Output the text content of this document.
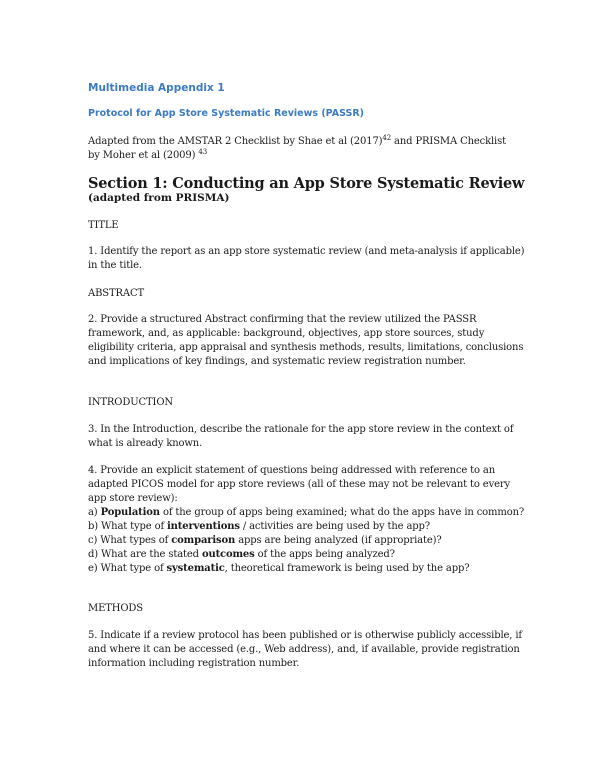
Multimedia Appendix 1

Protocol for App Store Systematic Reviews (PASSR)

Adapted from the AMSTAR 2 Checklist by Shae et al $(2017)^{42}$ and PRISMA Checklist
by Moher et al (2009) $^{43}$

Section 1: Conducting an App Store Systematic Review

(adapted from PRISMA)

TITLE

1. Identify the report as an app store systematic review (and meta-analysis if applicable) in the title.

ABSTRACT

2. Provide a structured Abstract confirming that the review utilized the PASSR framework, and, as applicable: background, objectives, app store sources, study eligibility criteria, app appraisal and synthesis methods, results, limitations, conclusions and implications of key findings, and systematic review registration number.

INTRODUCTION

3. In the Introduction, describe the rationale for the app store review in the context of what is already known.

4. Provide an explicit statement of questions being addressed with reference to an adapted PICOS model for app store reviews (all of these may not be relevant to every app store review):
a) Population of the group of apps being examined; what do the apps have in common?
b) What type of interventions / activities are being used by the app?
c) What types of comparison apps are being analyzed (if appropriate)?
d) What are the stated outcomes of the apps being analyzed?
e) What type of systematic, theoretical framework is being used by the app?

METHODS

5. Indicate if a review protocol has been published or is otherwise publicly accessible, if and where it can be accessed (e.g., Web address), and, if available, provide registration information including registration number.
